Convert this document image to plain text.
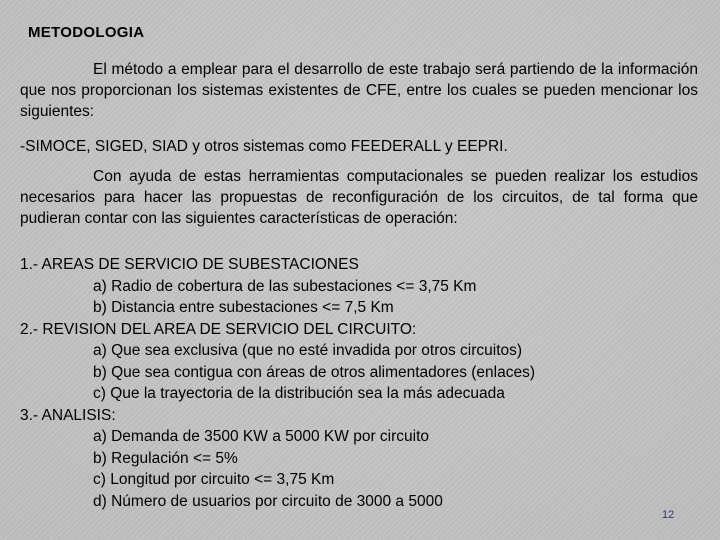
METODOLOGIA
El método a emplear para el desarrollo de este trabajo será partiendo de la información que nos proporcionan los sistemas existentes de CFE, entre los cuales se pueden mencionar los siguientes:
-SIMOCE, SIGED, SIAD y otros sistemas como FEEDERALL y EEPRI.
Con ayuda de estas herramientas computacionales se pueden realizar los estudios necesarios para hacer las propuestas de reconfiguración de los circuitos, de tal forma que pudieran contar con las siguientes características de operación:
1.- AREAS DE SERVICIO DE SUBESTACIONES
a) Radio de cobertura de las subestaciones <= 3,75 Km
b) Distancia entre subestaciones <= 7,5 Km
2.- REVISION DEL AREA DE SERVICIO DEL CIRCUITO:
a) Que sea exclusiva (que no esté invadida por otros circuitos)
b) Que sea contigua con áreas de otros alimentadores (enlaces)
c) Que la trayectoria de la distribución sea la más adecuada
3.- ANALISIS:
a) Demanda de 3500 KW a 5000 KW por circuito
b) Regulación <= 5%
c) Longitud por circuito <= 3,75 Km
d) Número de usuarios por circuito de 3000 a 5000
12
